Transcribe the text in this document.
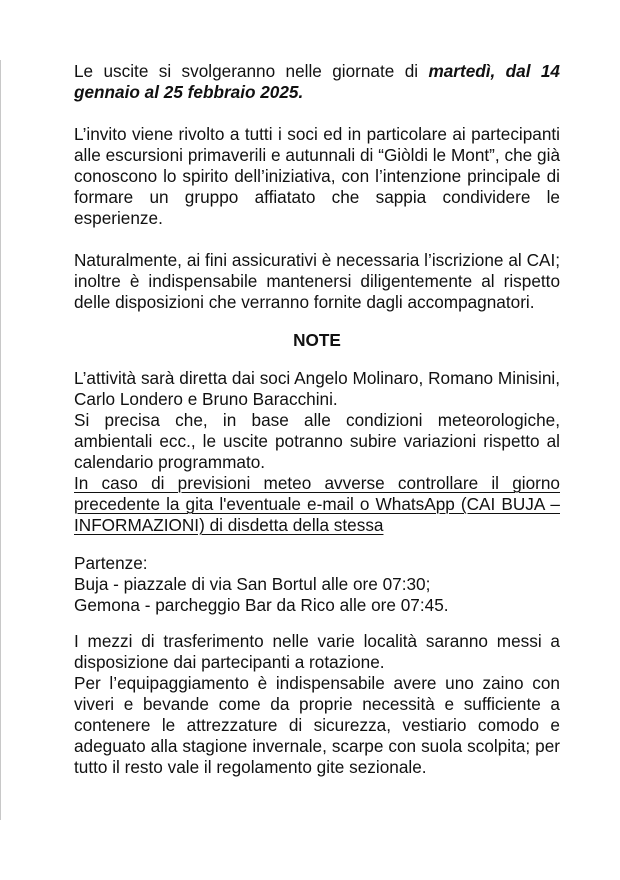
Le uscite si svolgeranno nelle giornate di martedì, dal 14 gennaio al 25 febbraio 2025.

L’invito viene rivolto a tutti i soci ed in particolare ai partecipanti alle escursioni primaverili e autunnali di “Giòldi le Mont”, che già conoscono lo spirito dell’iniziativa, con l’intenzione principale di formare un gruppo affiatato che sappia condividere le esperienze.

Naturalmente, ai fini assicurativi è necessaria l’iscrizione al CAI; inoltre è indispensabile mantenersi diligentemente al rispetto delle disposizioni che verranno fornite dagli accompagnatori.

NOTE

L’attività sarà diretta dai soci Angelo Molinaro, Romano Minisini, Carlo Londero e Bruno Baracchini.

Si precisa che, in base alle condizioni meteorologiche, ambientali ecc., le uscite potranno subire variazioni rispetto al calendario programmato.

In caso di previsioni meteo avverse controllare il giorno precedente la gita l'eventuale e-mail o WhatsApp (CAI BUJA – INFORMAZIONI) di disdetta della stessa

Partenze:

Buja - piazzale di via San Bortul alle ore 07:30;

Gemona - parcheggio Bar da Rico alle ore 07:45.

I mezzi di trasferimento nelle varie località saranno messi a disposizione dai partecipanti a rotazione.

Per l’equipaggiamento è indispensabile avere uno zaino con viveri e bevande come da proprie necessità e sufficiente a contenere le attrezzature di sicurezza, vestiario comodo e adeguato alla stagione invernale, scarpe con suola scolpita; per tutto il resto vale il regolamento gite sezionale.
